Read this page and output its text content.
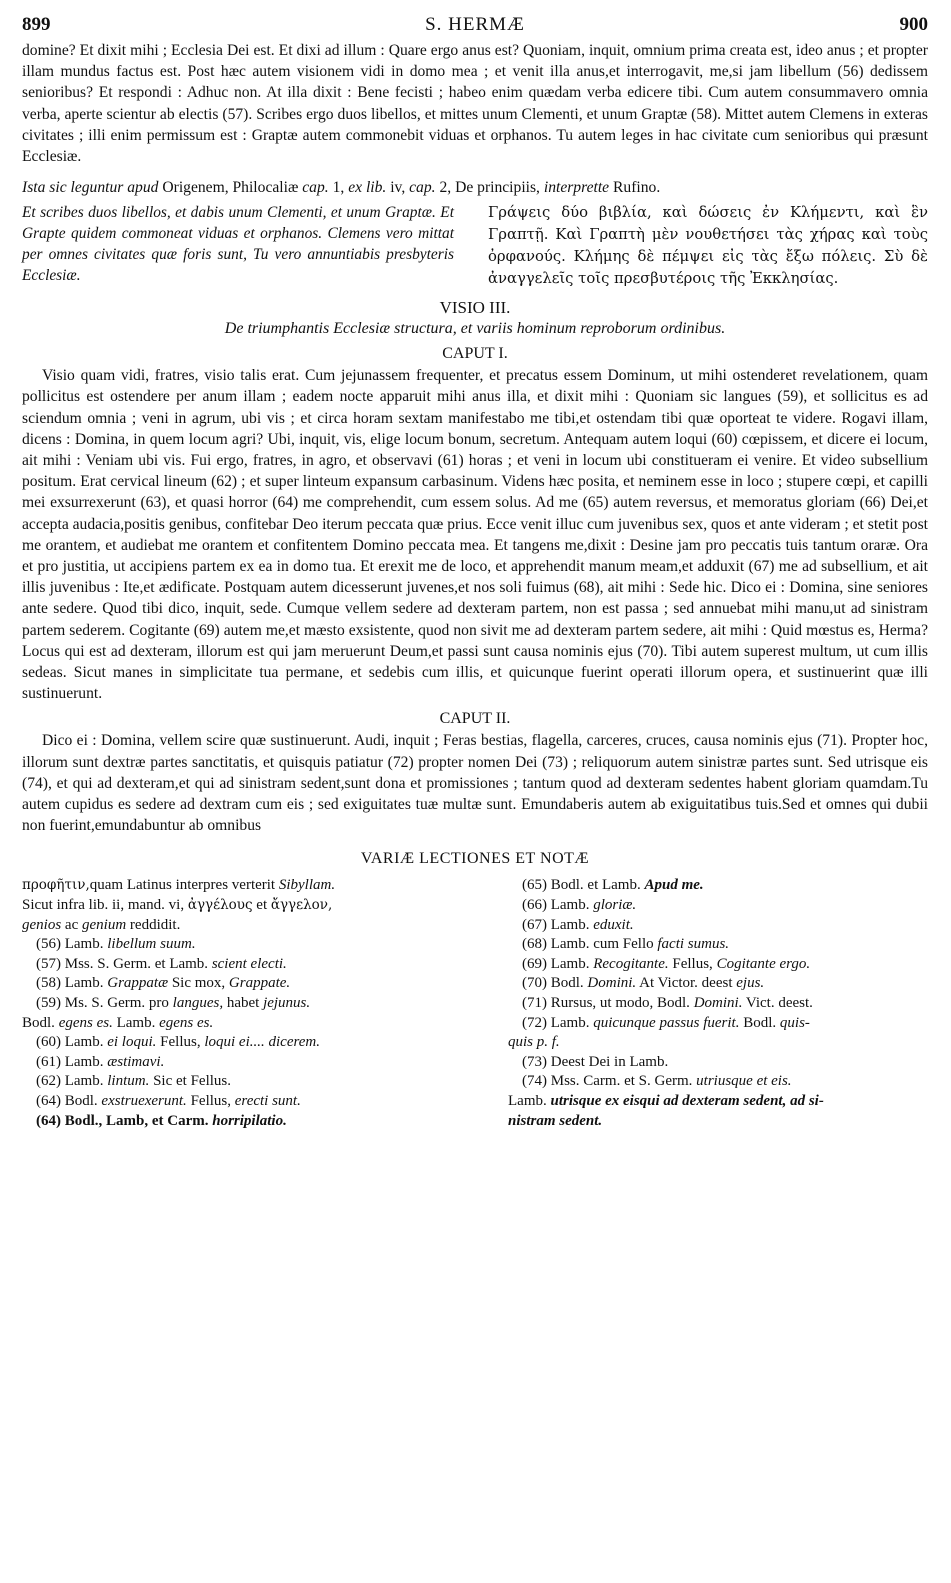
899	S. HERMÆ	900

domine? Et dixit mihi ; Ecclesia Dei est. Et dixi ad illum : Quare ergo anus est? Quoniam, inquit, omnium prima creata est, ideo anus ; et propter illam mundus factus est. Post hæc autem visionem vidi in domo mea ; et venit illa anus,et interrogavit, me,si jam libellum (56) dedissem senioribus? Et respondi : Adhuc non. At illa dixit : Bene fecisti ; habeo enim quædam verba edicere tibi. Cum autem consummavero omnia verba, aperte scientur ab electis (57). Scribes ergo duos libellos, et mittes unum Clementi, et unum Graptæ (58). Mittet autem Clemens in exteras civitates ; illi enim permissum est : Graptæ autem commonebit viduas et orphanos. Tu autem leges in hac civitate cum senioribus qui præsunt Ecclesiæ.

Ista sic leguntur apud Origenem, Philocaliæ cap. 1, ex lib. iv, cap. 2, De principiis, interprette Rufino.

Et scribes duos libellos, et dabis unum Clementi, et unum Graptæ. Et Grapte quidem commoneat viduas et orphanos. Clemens vero mittat per omnes civitates quæ foris sunt, Tu vero annuntiabis presbyteris Ecclesiæ.

Γράψεις δύο βιβλία, καὶ δώσεις ἐν Κλήμεντι, καὶ ἓν Γραπτῇ. Καὶ Γραπτὴ μὲν νουθετήσει τὰς χήρας καὶ τοὺς ὀρφανούς. Κλήμης δὲ πέμψει εἰς τὰς ἔξω πόλεις. Σὺ δὲ ἀναγγελεῖς τοῖς πρεσβυτέροις τῆς Ἐκκλησίας.

VISIO III.
De triumphantis Ecclesiæ structura, et variis hominum reproborum ordinibus.
CAPUT I.

Visio quam vidi, fratres, visio talis erat. Cum jejunassem frequenter, et precatus essem Dominum, ut mihi ostenderet revelationem, quam pollicitus est ostendere per anum illam ; eadem nocte apparuit mihi anus illa, et dixit mihi : Quoniam sic langues (59), et sollicitus es ad sciendum omnia ; veni in agrum, ubi vis ; et circa horam sextam manifestabo me tibi,et ostendam tibi quæ oporteat te videre. Rogavi illam, dicens : Domina, in quem locum agri? Ubi, inquit, vis, elige locum bonum, secretum. Antequam autem loqui (60) cœpissem, et dicere ei locum, ait mihi : Veniam ubi vis. Fui ergo, fratres, in agro, et observavi (61) horas ; et veni in locum ubi constitueram ei venire. Et video subsellium positum. Erat cervical lineum (62) ; et super linteum expansum carbasinum. Videns hæc posita, et neminem esse in loco ; stupere cœpi, et capilli mei exsurrexerunt (63), et quasi horror (64) me comprehendit, cum essem solus. Ad me (65) autem reversus, et memoratus gloriam (66) Dei,et accepta audacia,positis genibus, confitebar Deo iterum peccata quæ prius. Ecce venit illuc cum juvenibus sex, quos et ante videram ; et stetit post me orantem, et audiebat me orantem et confitentem Domino peccata mea. Et tangens me,dixit : Desine jam pro peccatis tuis tantum oraræ. Ora et pro justitia, ut accipiens partem ex ea in domo tua. Et erexit me de loco, et apprehendit manum meam,et adduxit (67) me ad subsellium, et ait illis juvenibus : Ite,et ædificate. Postquam autem dicesserunt juvenes,et nos soli fuimus (68), ait mihi : Sede hic. Dico ei : Domina, sine seniores ante sedere. Quod tibi dico, inquit, sede. Cumque vellem sedere ad dexteram partem, non est passa ; sed annuebat mihi manu,ut ad sinistram partem sederem. Cogitante (69) autem me,et mæsto exsistente, quod non sivit me ad dexteram partem sedere, ait mihi : Quid mœstus es, Herma? Locus qui est ad dexteram, illorum est qui jam meruerunt Deum,et passi sunt causa nominis ejus (70). Tibi autem superest multum, ut cum illis sedeas. Sicut manes in simplicitate tua permane, et sedebis cum illis, et quicunque fuerint operati illorum opera, et sustinuerint quæ illi sustinuerunt.

CAPUT II.

Dico ei : Domina, vellem scire quæ sustinuerunt. Audi, inquit ; Feras bestias, flagella, carceres, cruces, causa nominis ejus (71). Propter hoc, illorum sunt dextræ partes sanctitatis, et quisquis patiatur (72) propter nomen Dei (73) ; reliquorum autem sinistræ partes sunt. Sed utrisque eis (74), et qui ad dexteram,et qui ad sinistram sedent,sunt dona et promissiones ; tantum quod ad dexteram sedentes habent gloriam quamdam.Tu autem cupidus es sedere ad dextram cum eis ; sed exiguitates tuæ multæ sunt. Emundaberis autem ab exiguitatibus tuis.Sed et omnes qui dubii non fuerint,emundabuntur ab omnibus

VARIÆ LECTIONES ET NOTÆ
προφῆτιν,quam Latinus interpres verterit Sibyllam.
Sicut infra lib. ii, mand. vi, ἀγγέλους et ἄγγελον,
genios ac genium reddidit.
(56) Lamb. libellum suum.
(57) Mss. S. Germ. et Lamb. scient electi.
(58) Lamb. Grappatæ Sic mox, Grappate.
(59) Ms. S. Germ. pro langues, habet jejunus.
Bodl. egens es. Lamb. egens es.
(60) Lamb. ei loqui. Fellus, loqui ei.... dicerem.
(61) Lamb. æstimavi.
(62) Lamb. lintum. Sic et Fellus.
(64) Bodl. exstruexerunt. Fellus, erecti sunt.
(64) Bodl., Lamb, et Carm. horripilatio.
(65) Bodl. et Lamb. Apud me.
(66) Lamb. gloriæ.
(67) Lamb. eduxit.
(68) Lamb. cum Fello facti sumus.
(69) Lamb. Recogitante. Fellus, Cogitante ergo.
(70) Bodl. Domini. At Victor. deest ejus.
(71) Rursus, ut modo, Bodl. Domini. Vict. deest.
(72) Lamb. quicunque passus fuerit. Bodl. quis-
quis p. f.
(73) Deest Dei in Lamb.
(74) Mss. Carm. et S. Germ. utriusque et eis.
Lamb. utrisque ex eisqui ad dexteram sedent, ad si-
nistram sedent.
